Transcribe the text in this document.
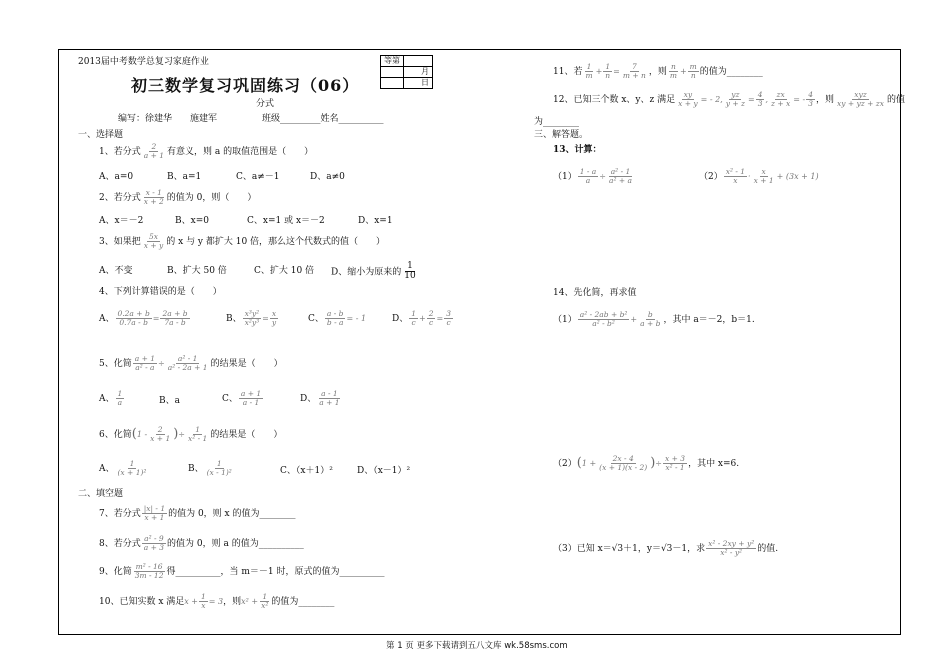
2013届中考数学总复习家庭作业
初三数学复习巩固练习（06）
分式
编写：徐建华　　施建军　　　　　班级_________姓名__________
等第	
	月
	日
一、选择题
1、若分式 $\frac{2}{a + 1}$ 有意义，则 a 的取值范围是（　　）
A、a=0	B、a=1	C、a≠－1	D、a≠0
2、若分式 $\frac{x - 1}{x + 2}$ 的值为 0，则（　　）
A、x＝－2	B、x=0	C、x=1 或 x＝－2	D、x=1
3、如果把 $\frac{5x}{x + y}$ 的 x 与 y 都扩大 10 倍，那么这个代数式的值（　　）
A、不变	B、扩大 50 倍	C、扩大 10 倍 D、缩小为原来的 $\frac{1}{10}$
4、下列计算错误的是（　　）
A、 $\frac{0.2a + b}{0.7a - b} = \frac{2a + b}{7a - b}$	B、 $\frac{\text{x³y²}}{\text{x²y³}} = \frac{x}{y}$	C、 $\frac{a - b}{b - a}$ = - 1	D、 $\frac{1}{c} + \frac{2}{c} = \frac{3}{c}$
5、化简 $\frac{a + 1}{\text{a² - a}} \div \frac{\text{a² - 1}}{\text{a² - 2a + 1}}$ 的结果是（　　）
A、 $\frac{1}{a}$	B、a	C、 $\frac{a + 1}{a - 1}$	D、 $\frac{a - 1}{a + 1}$
6、化简($1 - \frac{2}{x + 1}$ )÷ $\frac{1}{\text{x² - 1}}$ 的结果是（　　）
A、 $\frac{1}{\text{(x + 1)²}}$	B、 $\frac{1}{\text{(x - 1)²}}$	C、（x＋1）²	D、（x－1）²
二、填空题
7、若分式 $\frac{|x| - 1}{x + 1}$ 的值为 0，则 x 的值为________
8、若分式 $\frac{\text{a² - 9}}{a + 3}$ 的值为 0，则 a 的值为__________
9、化简 $\frac{\text{m² - 16}}{3m - 12}$ 得__________，当 m＝－1 时，原式的值为__________
10、已知实数 x 满足$x + \frac{1}{x} = 3$，则$x^2 + \frac{1}{\text{x²}}$ 的值为________
11、若 $\frac{1}{m} + \frac{1}{n} = \frac{7}{m + n}$ ，则 $\frac{n}{m} + \frac{m}{n}$ 的值为________
12、已知三个数 x、y、z 满足 $\frac{xy}{x + y}$ = - 2, $\frac{yz}{y + z} = \frac{4}{3}$ , $\frac{zx}{z + x}$ = - $\frac{4}{3}$ ，则
xyz
xy + yz + zx 的值
为________
三、解答题。
13、计算：
$(1) \frac{1 - a}{a} \div \frac{\text{a² - 1}}{\text{a² + a}}$	$(2) \frac{\text{x² - 1}}{x} \cdot \frac{x}{x + 1} + (3x + 1)$
14、先化简，再求值
$(1) \frac{\text{a² - 2ab + b²}}{\text{a² - b²}} + \frac{b}{a + b}$ ，其中 a＝－2，b＝1.
$(2)(1 + \frac{2x - 4}{(x + 1)(x - 2)}$ )÷ $\frac{x + 3}{\text{x² - 1}}$ ，其中 x=6.
（3）已知 x＝√3＋1，y＝√3－1，求 $\frac{\text{x² - 2xy + y²}}{\text{x² - y²}}$ 的值.
第 1 页 更多下载请到五八文库 wk.58sms.com
